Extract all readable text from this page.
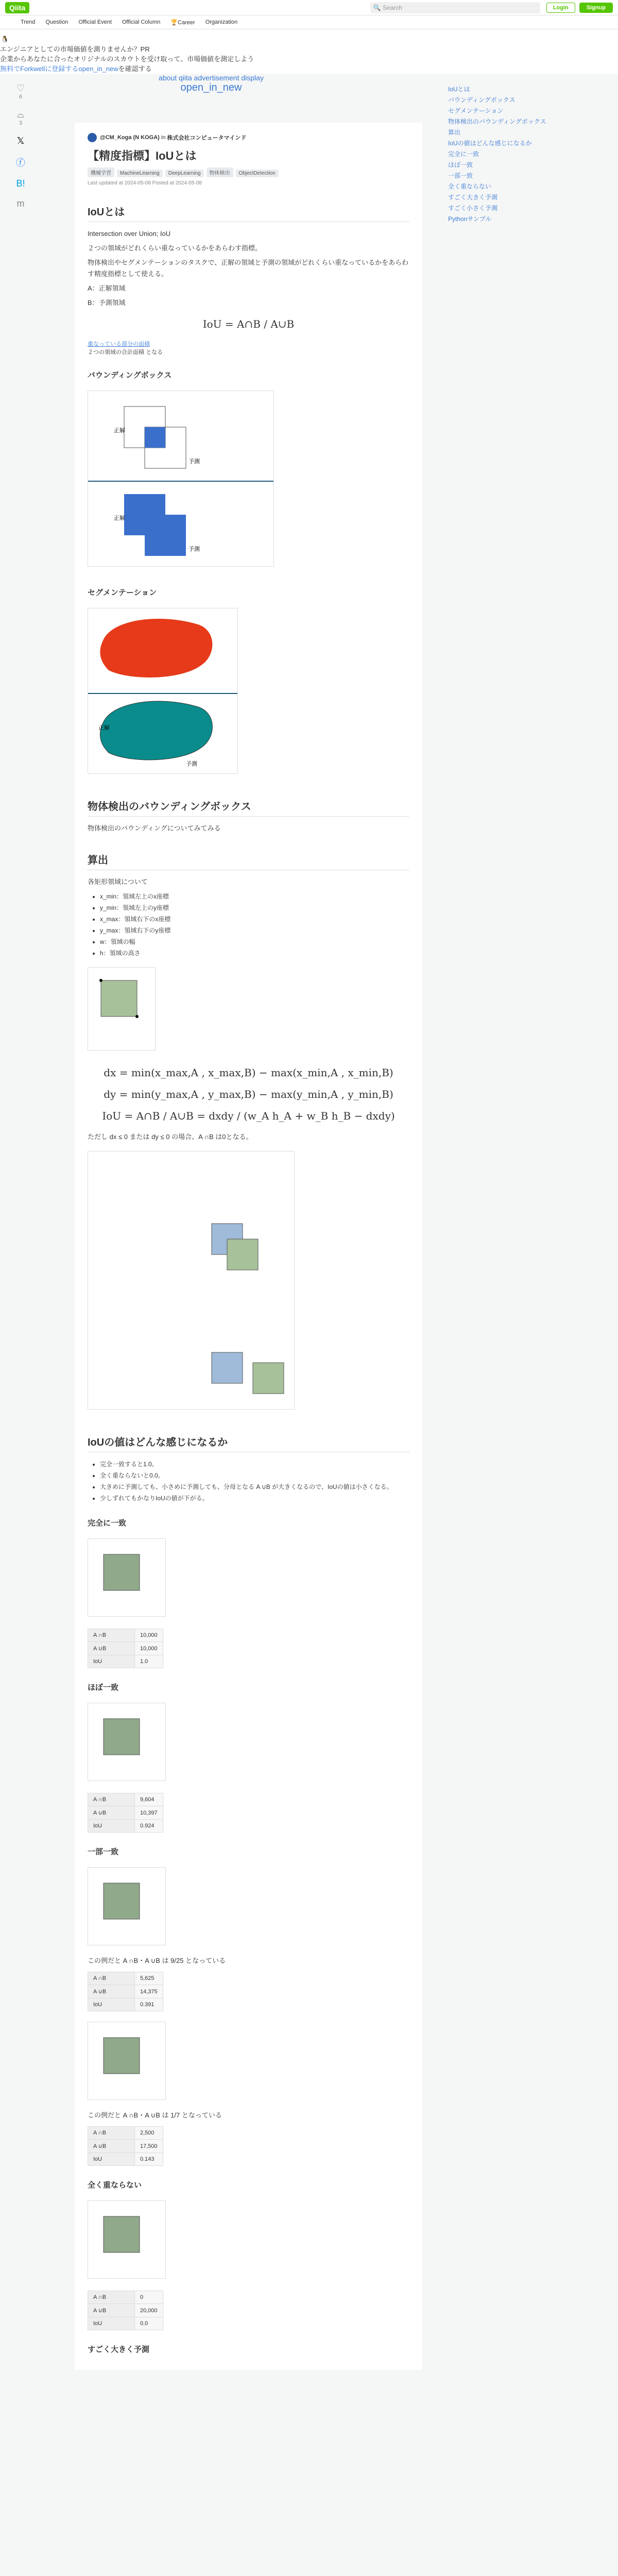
Qiita	🔍 Search	Login	Signup
Trend Question Official Event Official Column 🏆Career Organization
🐧
エンジニアとしての市場価値を測りませんか？PR
企業からあなたに合ったオリジナルのスカウトを受け取って、市場価値を測定しよう
無料でForkwellに登録するopen_in_newを確認する
♡
6
⌓
3
𝕏
ⓕ
B!
m
about qiita advertisement display
open_in_new	IoUとは
バウンディングボックス
セグメンテーション
物体検出のバウンディングボックス
算出
IoUの値はどんな感じになるか
完全に一致
ほぼ一致
一部一致
全く重ならない
すごく大きく予測
すごく小さく予測
Pythonサンプル
@CM_Koga (N KOGA) in 株式会社コンピュータマインド
【精度指標】IoUとは
機械学習 MachineLearning DeepLearning 物体検出 ObjectDetection
Last updated at 2024-05-08 Posted at 2024-05-08
IoUとは

Intersection over Union; IoU

２つの領域がどれくらい重なっているかをあらわす指標。

物体検出やセグメンテーションのタスクで、正解の領域と予測の領域がどれくらい重なっているかをあらわす精度指標として使える。

A：正解領域

B：予測領域

IoU = A∩B / A∪B
重なっている部分の面積
２つの領域の合計面積 となる
バウンディングボックス
正解
予測
正解
予測
セグメンテーション
正解
予測
物体検出のバウンディングボックス

物体検出のバウンディングについてみてみる

算出

各矩形領域について

• x_min：領域左上のx座標
• y_min：領域左上のy座標
• x_max：領域右下のx座標
• y_max：領域右下のy座標
• w：領域の幅
• h：領域の高さ
dx = min(x_max,A , x_max,B) − max(x_min,A , x_min,B)
dy = min(y_max,A , y_max,B) − max(y_min,A , y_min,B)
IoU = A∩B / A∪B = dxdy / (w_A h_A + w_B h_B − dxdy)

ただし dx ≤ 0 または dy ≤ 0 の場合、A ∩B は0となる。

IoUの値はどんな感じになるか
• 完全一致すると1.0。
• 全く重ならないと0.0。
• 大きめに予測しても、小さめに予測しても、分母となる A ∪B が大きくなるので、IoUの値は小さくなる。
• 少しずれてもかなりIoUの値が下がる。
完全に一致
A ∩B	10,000
A ∪B	10,000
IoU	1.0
ほぼ一致
A ∩B	9,604
A ∪B	10,397
IoU	0.924
一部一致

この例だと A ∩B・A ∪B は 9/25 となっている

A ∩B	5,625
A ∪B	14,375
IoU	0.391

この例だと A ∩B・A ∪B は 1/7 となっている

A ∩B	2,500
A ∪B	17,500
IoU	0.143
全く重ならない
A ∩B	0
A ∪B	20,000
IoU	0.0
すごく大きく予測
